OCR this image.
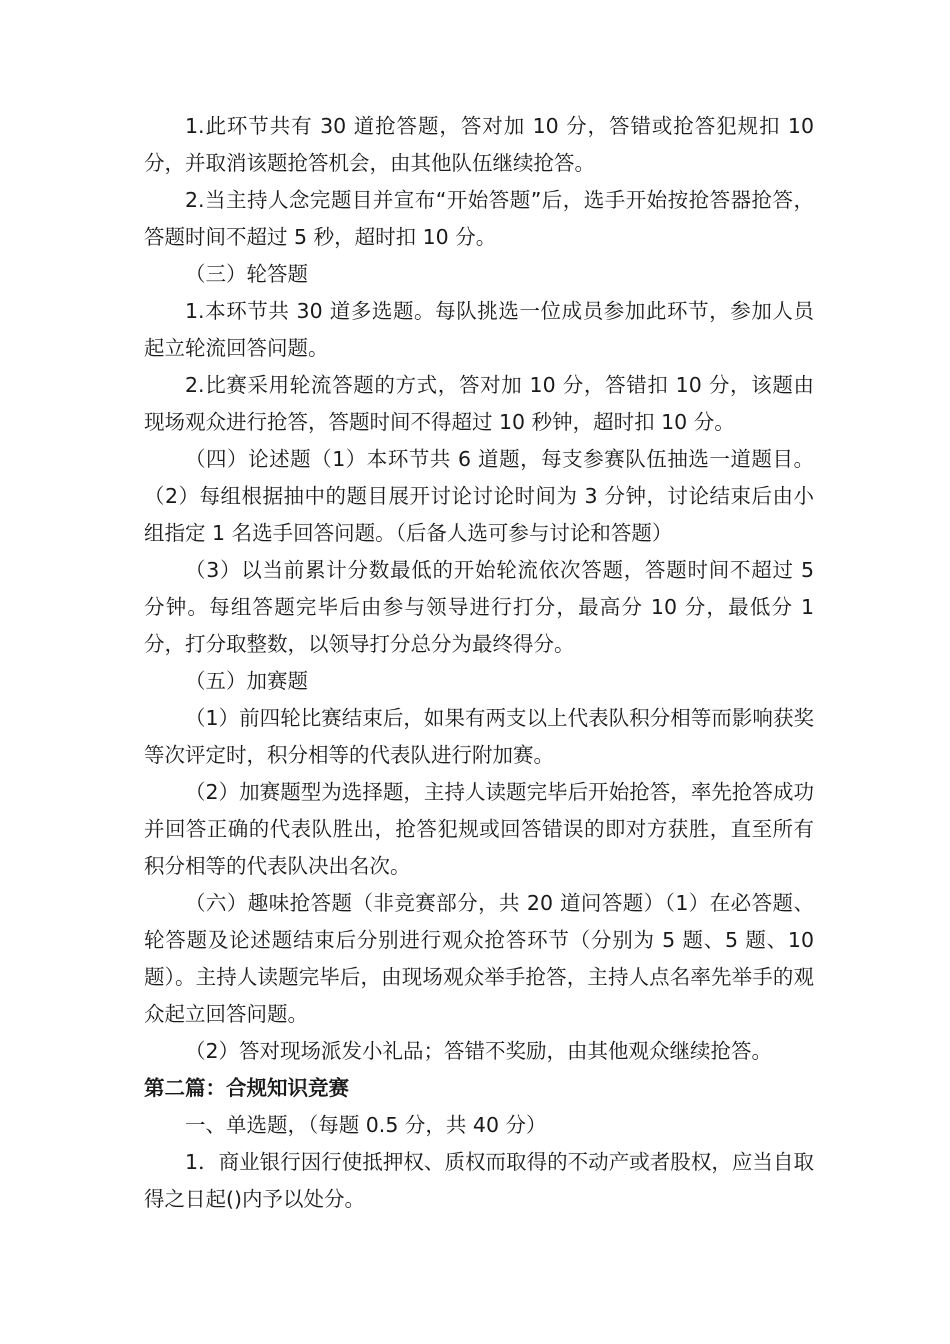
1.此环节共有 30 道抢答题，答对加 10 分，答错或抢答犯规扣 10 分，并取消该题抢答机会，由其他队伍继续抢答。

2.当主持人念完题目并宣布“开始答题”后，选手开始按抢答器抢答，答题时间不超过 5 秒，超时扣 10 分。

（三）轮答题

1.本环节共 30 道多选题。每队挑选一位成员参加此环节，参加人员起立轮流回答问题。

2.比赛采用轮流答题的方式，答对加 10 分，答错扣 10 分，该题由现场观众进行抢答，答题时间不得超过 10 秒钟，超时扣 10 分。

（四）论述题（1）本环节共 6 道题，每支参赛队伍抽选一道题目。（2）每组根据抽中的题目展开讨论讨论时间为 3 分钟，讨论结束后由小组指定 1 名选手回答问题。（后备人选可参与讨论和答题）

（3）以当前累计分数最低的开始轮流依次答题，答题时间不超过 5 分钟。每组答题完毕后由参与领导进行打分，最高分 10 分，最低分 1 分，打分取整数，以领导打分总分为最终得分。

（五）加赛题

（1）前四轮比赛结束后，如果有两支以上代表队积分相等而影响获奖等次评定时，积分相等的代表队进行附加赛。

（2）加赛题型为选择题，主持人读题完毕后开始抢答，率先抢答成功并回答正确的代表队胜出，抢答犯规或回答错误的即对方获胜，直至所有积分相等的代表队决出名次。

（六）趣味抢答题（非竞赛部分，共 20 道问答题）（1）在必答题、轮答题及论述题结束后分别进行观众抢答环节（分别为 5 题、5 题、10 题）。主持人读题完毕后，由现场观众举手抢答，主持人点名率先举手的观众起立回答问题。

（2）答对现场派发小礼品；答错不奖励，由其他观众继续抢答。

第二篇：合规知识竞赛

一、单选题，（每题 0.5 分，共 40 分）

1．商业银行因行使抵押权、质权而取得的不动产或者股权，应当自取得之日起()内予以处分。
